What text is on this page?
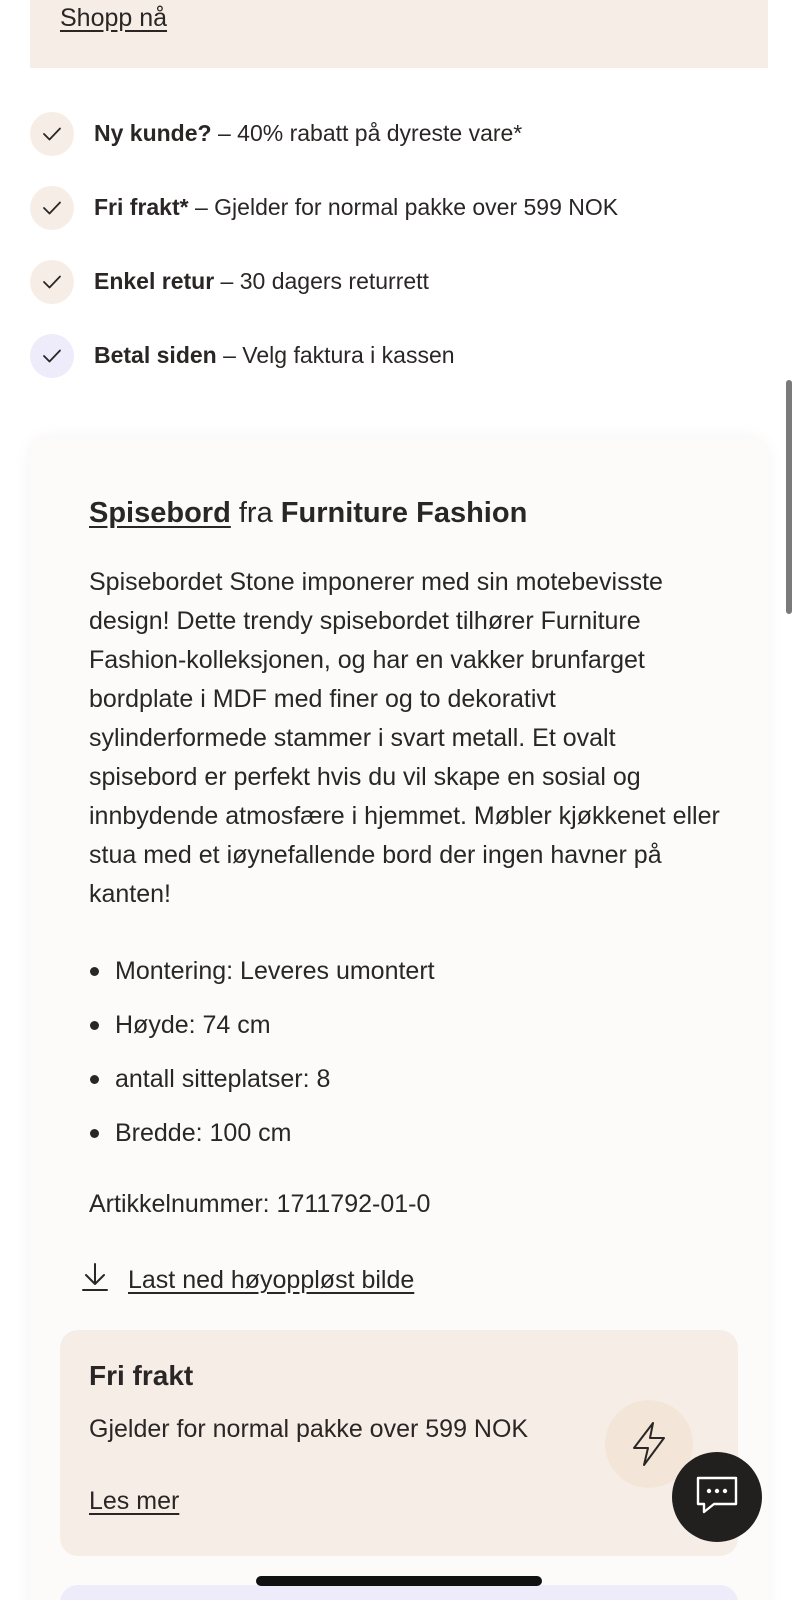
Shopp nå
Ny kunde? – 40% rabatt på dyreste vare*
Fri frakt* – Gjelder for normal pakke over 599 NOK
Enkel retur – 30 dagers returrett
Betal siden – Velg faktura i kassen
Spisebord fra Furniture Fashion

Spisebordet Stone imponerer med sin motebevisste design! Dette trendy spisebordet tilhører Furniture Fashion-kolleksjonen, og har en vakker brunfarget bordplate i MDF med finer og to dekorativt sylinderformede stammer i svart metall. Et ovalt spisebord er perfekt hvis du vil skape en sosial og innbydende atmosfære i hjemmet. Møbler kjøkkenet eller stua med et iøynefallende bord der ingen havner på kanten!

Montering: Leveres umontert
Høyde: 74 cm
antall sitteplatser: 8
Bredde: 100 cm
Artikkelnummer: 1711792-01-0
Last ned høyoppløst bilde
Fri frakt
Gjelder for normal pakke over 599 NOK
Les mer
